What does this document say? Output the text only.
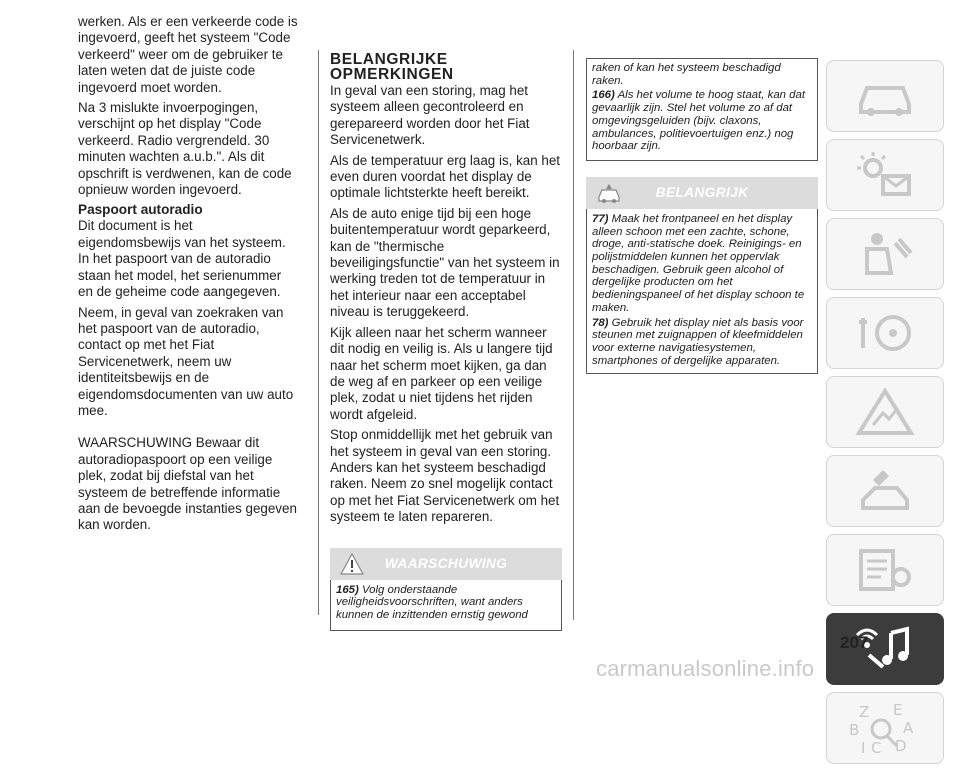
werken. Als er een verkeerde code is ingevoerd, geeft het systeem "Code verkeerd" weer om de gebruiker te laten weten dat de juiste code ingevoerd moet worden.

Na 3 mislukte invoerpogingen, verschijnt op het display "Code verkeerd. Radio vergrendeld. 30 minuten wachten a.u.b.". Als dit opschrift is verdwenen, kan de code opnieuw worden ingevoerd.

Paspoort autoradio

Dit document is het eigendomsbewijs van het systeem. In het paspoort van de autoradio staan het model, het serienummer en de geheime code aangegeven.

Neem, in geval van zoekraken van het paspoort van de autoradio, contact op met het Fiat Servicenetwerk, neem uw identiteitsbewijs en de eigendomsdocumenten van uw auto mee.

WAARSCHUWING Bewaar dit autoradiopaspoort op een veilige plek, zodat bij diefstal van het systeem de betreffende informatie aan de bevoegde instanties gegeven kan worden.

BELANGRIJKE
OPMERKINGEN

In geval van een storing, mag het systeem alleen gecontroleerd en gerepareerd worden door het Fiat Servicenetwerk.

Als de temperatuur erg laag is, kan het even duren voordat het display de optimale lichtsterkte heeft bereikt.

Als de auto enige tijd bij een hoge buitentemperatuur wordt geparkeerd, kan de "thermische beveiligingsfunctie" van het systeem in werking treden tot de temperatuur in het interieur naar een acceptabel niveau is teruggekeerd.

Kijk alleen naar het scherm wanneer dit nodig en veilig is. Als u langere tijd naar het scherm moet kijken, ga dan de weg af en parkeer op een veilige plek, zodat u niet tijdens het rijden wordt afgeleid.

Stop onmiddellijk met het gebruik van het systeem in geval van een storing. Anders kan het systeem beschadigd raken. Neem zo snel mogelijk contact op met het Fiat Servicenetwerk om het systeem te laten repareren.

WAARSCHUWING

165) Volg onderstaande veiligheidsvoorschriften, want anders kunnen de inzittenden ernstig gewond

raken of kan het systeem beschadigd raken.

166) Als het volume te hoog staat, kan dat gevaarlijk zijn. Stel het volume zo af dat omgevingsgeluiden (bijv. claxons, ambulances, politievoertuigen enz.) nog hoorbaar zijn.

BELANGRIJK

77) Maak het frontpaneel en het display alleen schoon met een zachte, schone, droge, anti-statische doek. Reinigings- en polijstmiddelen kunnen het oppervlak beschadigen. Gebruik geen alcohol of dergelijke producten om het bedieningspaneel of het display schoon te maken.

78) Gebruik het display niet als basis voor steunen met zuignappen of kleefmiddelen voor externe navigatiesystemen, smartphones of dergelijke apparaten.

Z E
B	A
I C D
207
carmanualsonline.info
